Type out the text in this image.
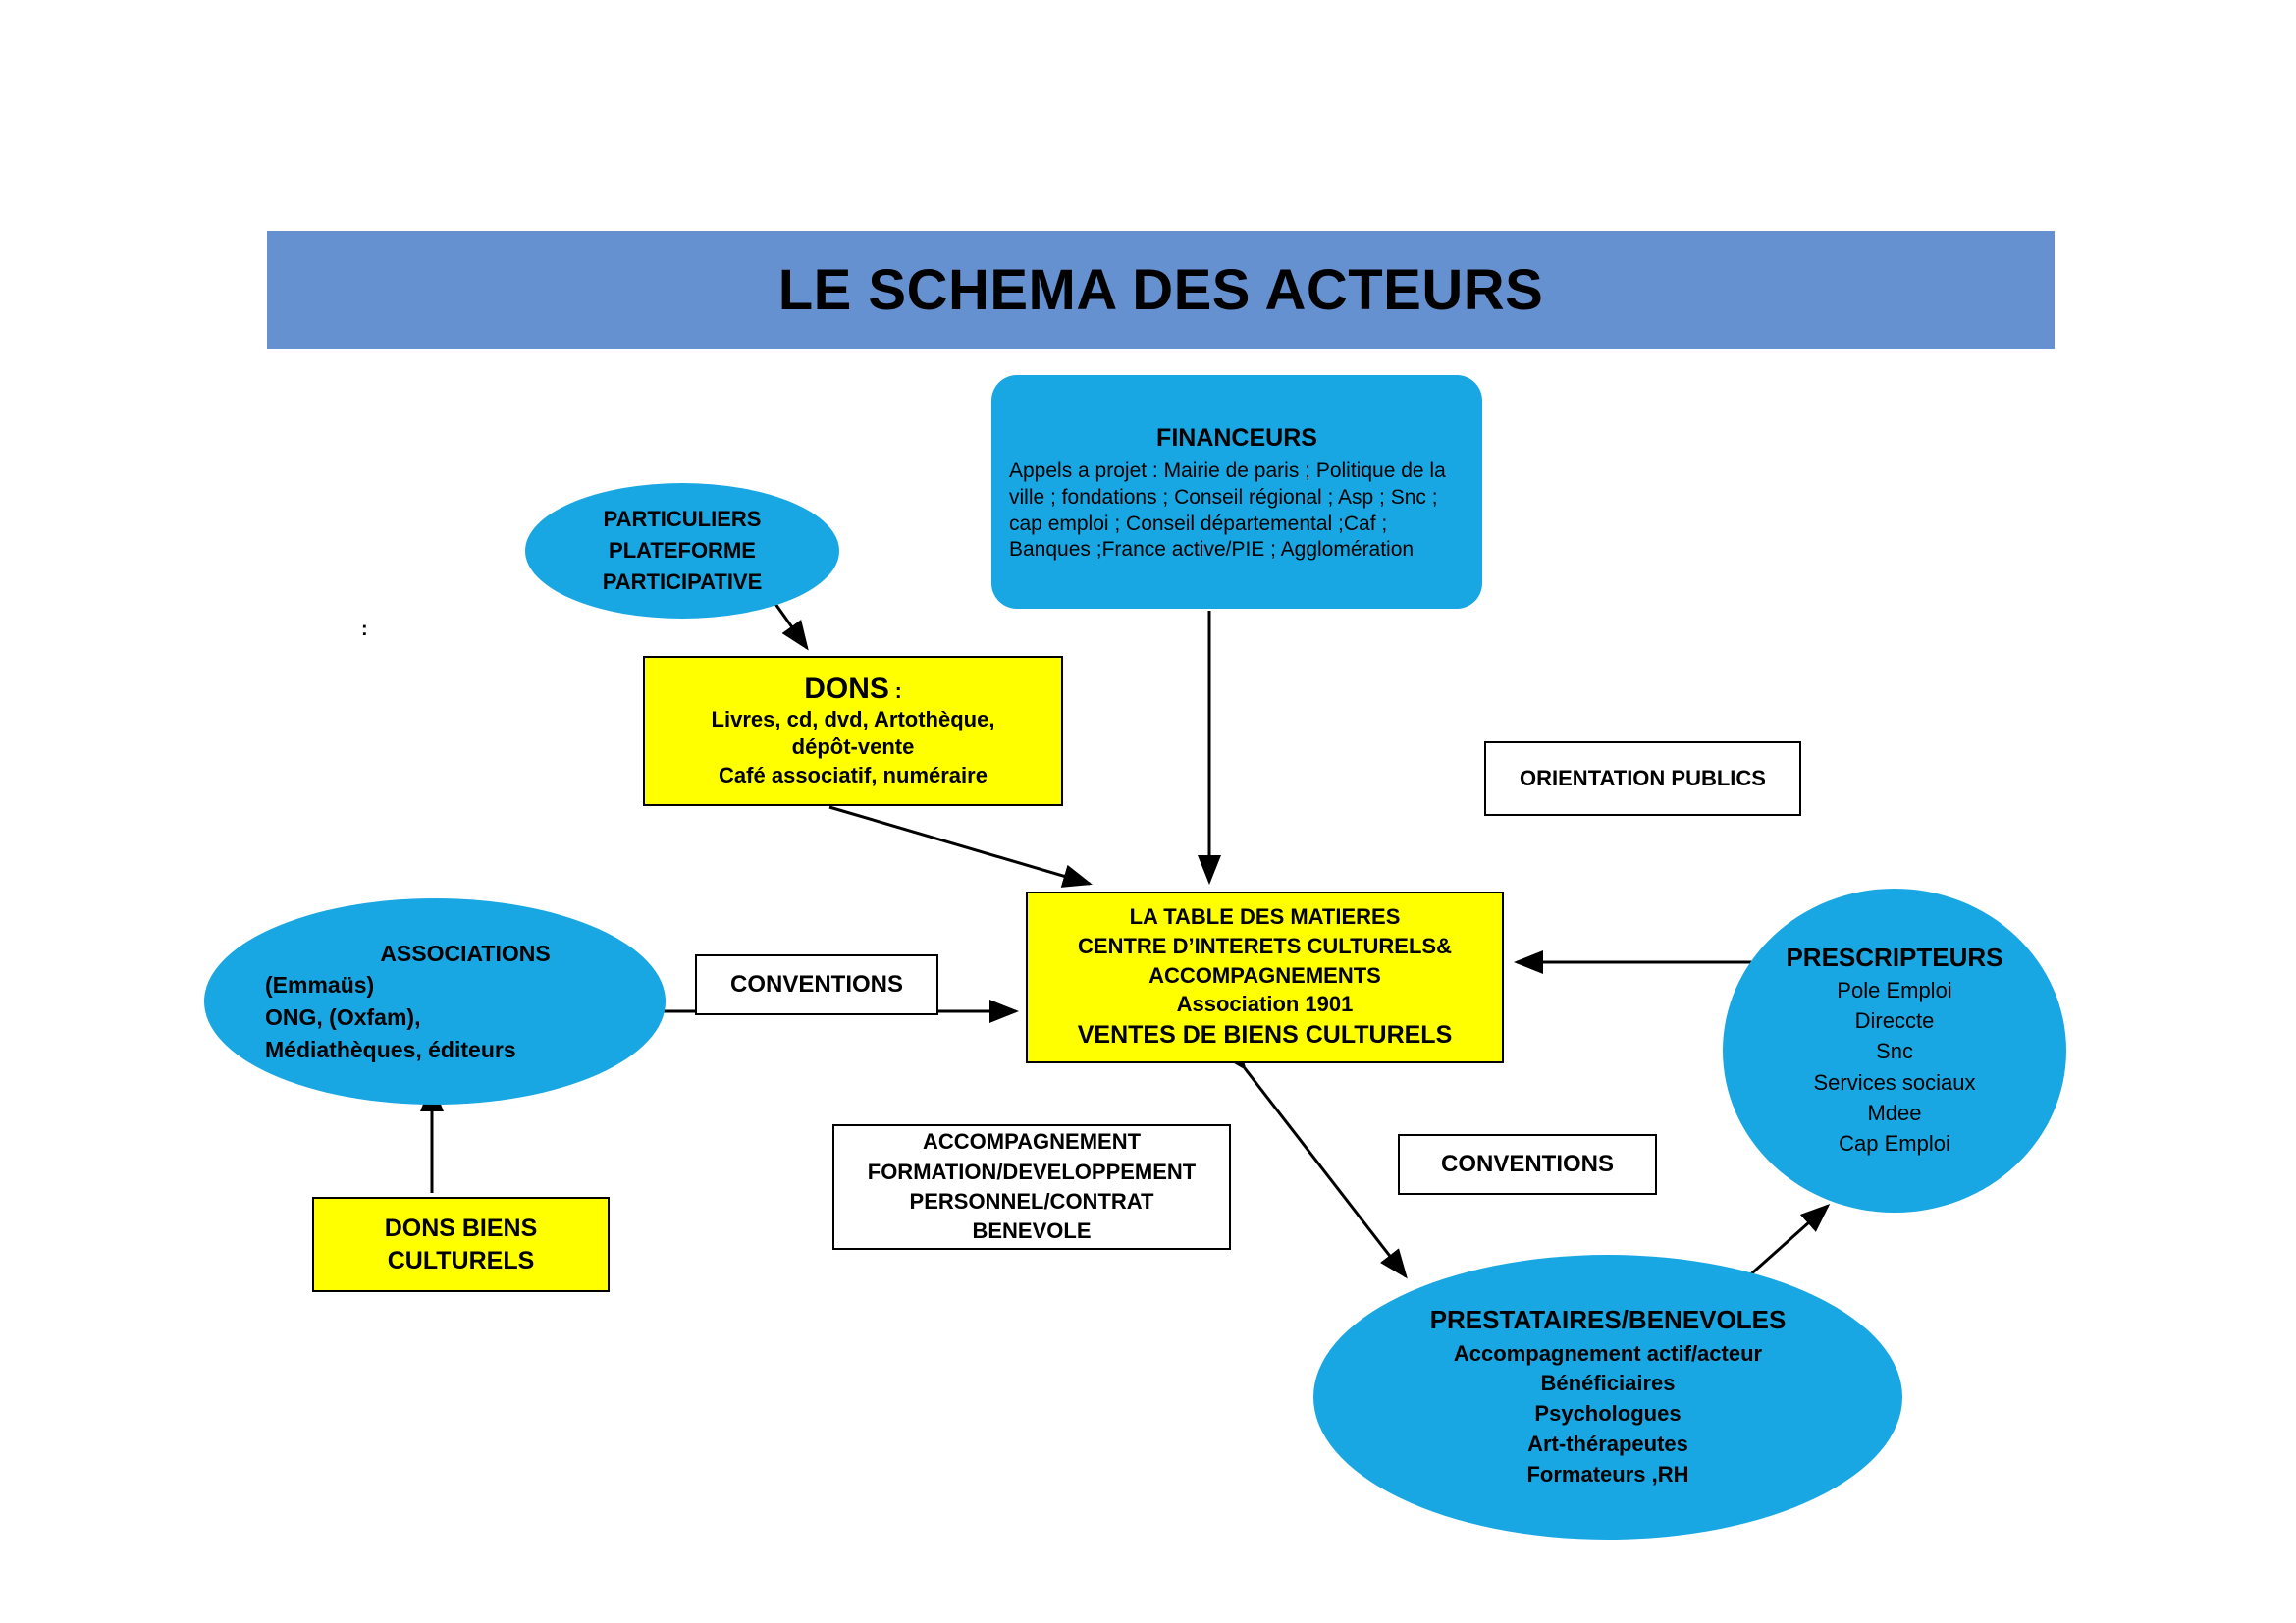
LE SCHEMA DES ACTEURS
:
FINANCEURS
Appels a projet : Mairie de paris ; Politique de la ville ; fondations ; Conseil régional ; Asp ; Snc ; cap emploi ; Conseil départemental ;Caf ; Banques ;France active/PIE ; Agglomération
PARTICULIERS
PLATEFORME
PARTICIPATIVE
DONS :
Livres, cd, dvd, Artothèque,
dépôt-vente
Café associatif, numéraire	ORIENTATION PUBLICS
LA TABLE DES MATIERES
CENTRE D’INTERETS CULTURELS&
ACCOMPAGNEMENTS
Association 1901
VENTES DE BIENS CULTURELS
ASSOCIATIONS
(Emmaüs)
ONG, (Oxfam),
Médiathèques, éditeurs
CONVENTIONS
PRESCRIPTEURS
Pole Emploi
Direccte
Snc
Services sociaux
Mdee
Cap Emploi
ACCOMPAGNEMENT
FORMATION/DEVELOPPEMENT
PERSONNEL/CONTRAT
BENEVOLE
CONVENTIONS
DONS BIENS
CULTURELS
PRESTATAIRES/BENEVOLES
Accompagnement actif/acteur
Bénéficiaires
Psychologues
Art-thérapeutes
Formateurs ,RH
